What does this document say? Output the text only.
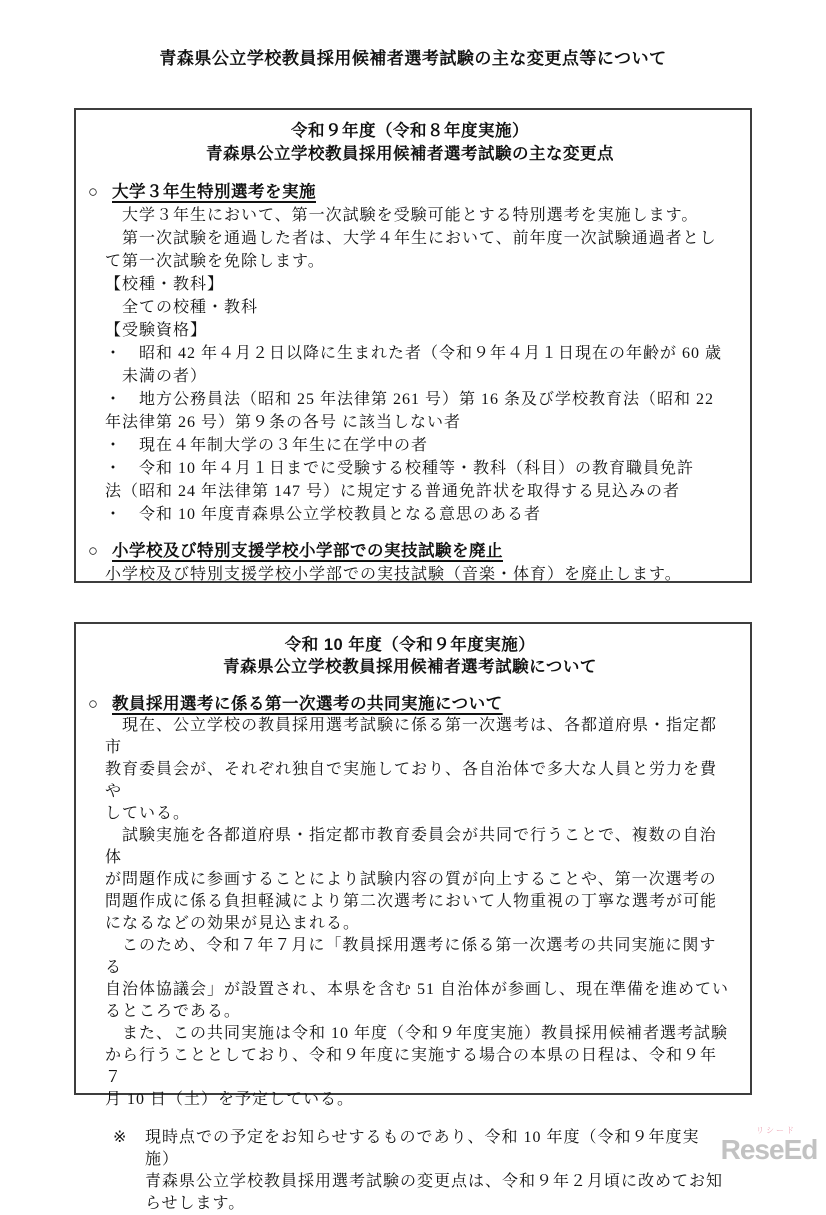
青森県公立学校教員採用候補者選考試験の主な変更点等について
令和９年度（令和８年度実施）
青森県公立学校教員採用候補者選考試験の主な変更点
○ 大学３年生特別選考を実施
　大学３年生において、第一次試験を受験可能とする特別選考を実施します。
　第一次試験を通過した者は、大学４年生において、前年度一次試験通過者とし
て第一次試験を免除します。
【校種・教科】
　全ての校種・教科
【受験資格】
・　昭和 42 年４月２日以降に生まれた者（令和９年４月１日現在の年齢が 60 歳
　未満の者）
・　地方公務員法（昭和 25 年法律第 261 号）第 16 条及び学校教育法（昭和 22
年法律第 26 号）第９条の各号 に該当しない者
・　現在４年制大学の３年生に在学中の者
・　令和 10 年４月１日までに受験する校種等・教科（科目）の教育職員免許
法（昭和 24 年法律第 147 号）に規定する普通免許状を取得する見込みの者
・　令和 10 年度青森県公立学校教員となる意思のある者
○ 小学校及び特別支援学校小学部での実技試験を廃止
小学校及び特別支援学校小学部での実技試験（音楽・体育）を廃止します。
令和 10 年度（令和９年度実施）
青森県公立学校教員採用候補者選考試験について
○ 教員採用選考に係る第一次選考の共同実施について
　現在、公立学校の教員採用選考試験に係る第一次選考は、各都道府県・指定都市
教育委員会が、それぞれ独自で実施しており、各自治体で多大な人員と労力を費や
している。
　試験実施を各都道府県・指定都市教育委員会が共同で行うことで、複数の自治体
が問題作成に参画することにより試験内容の質が向上することや、第一次選考の
問題作成に係る負担軽減により第二次選考において人物重視の丁寧な選考が可能
になるなどの効果が見込まれる。
　このため、令和７年７月に「教員採用選考に係る第一次選考の共同実施に関する
自治体協議会」が設置され、本県を含む 51 自治体が参画し、現在準備を進めてい
るところである。
　また、この共同実施は令和 10 年度（令和９年度実施）教員採用候補者選考試験
から行うこととしており、令和９年度に実施する場合の本県の日程は、令和９年７
月 10 日（土）を予定している。
※	現時点での予定をお知らせするものであり、令和 10 年度（令和９年度実施）
青森県公立学校教員採用選考試験の変更点は、令和９年２月頃に改めてお知
らせします。
リシード
ReseEd
